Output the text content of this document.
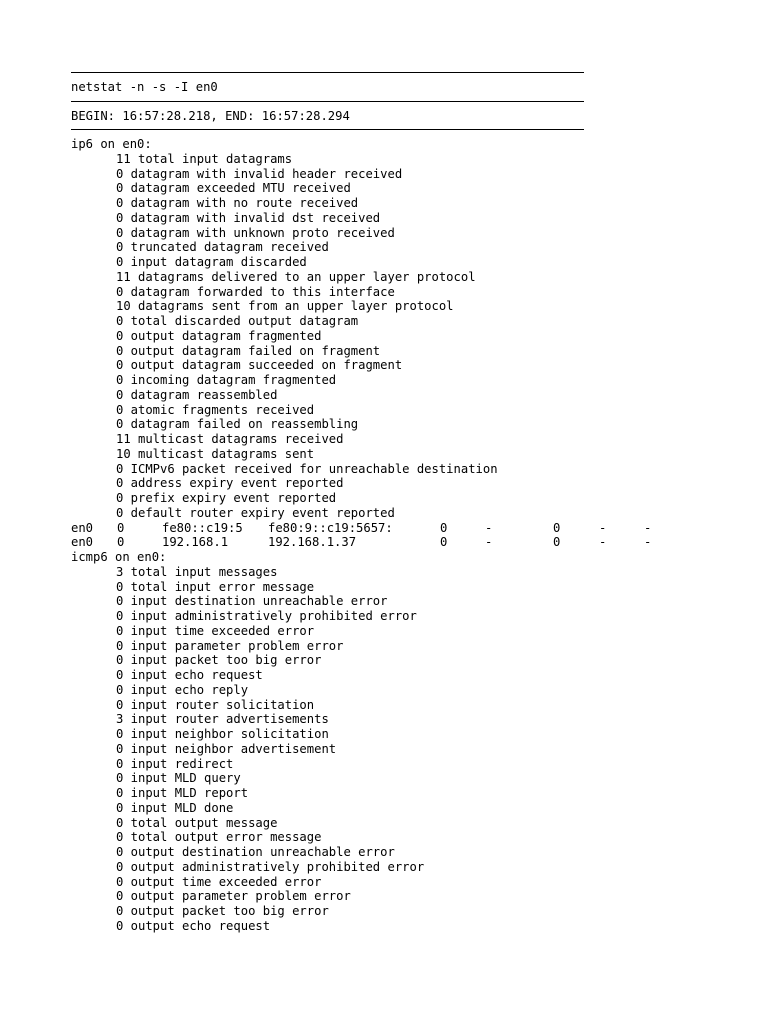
netstat -n -s -I en0
BEGIN: 16:57:28.218, END: 16:57:28.294
ip6 on en0:
11 total input datagrams
0 datagram with invalid header received
0 datagram exceeded MTU received
0 datagram with no route received
0 datagram with invalid dst received
0 datagram with unknown proto received
0 truncated datagram received
0 input datagram discarded
11 datagrams delivered to an upper layer protocol
0 datagram forwarded to this interface
10 datagrams sent from an upper layer protocol
0 total discarded output datagram
0 output datagram fragmented
0 output datagram failed on fragment
0 output datagram succeeded on fragment
0 incoming datagram fragmented
0 datagram reassembled
0 atomic fragments received
0 datagram failed on reassembling
11 multicast datagrams received
10 multicast datagrams sent
0 ICMPv6 packet received for unreachable destination
0 address expiry event reported
0 prefix expiry event reported
0 default router expiry event reported
en0 0	fe80::c19:5 fe80:9::c19:5657:	0	-	0	-	-
en0 0	192.168.1	192.168.1.37	0	-	0	-	-
icmp6 on en0:
3 total input messages
0 total input error message
0 input destination unreachable error
0 input administratively prohibited error
0 input time exceeded error
0 input parameter problem error
0 input packet too big error
0 input echo request
0 input echo reply
0 input router solicitation
3 input router advertisements
0 input neighbor solicitation
0 input neighbor advertisement
0 input redirect
0 input MLD query
0 input MLD report
0 input MLD done
0 total output message
0 total output error message
0 output destination unreachable error
0 output administratively prohibited error
0 output time exceeded error
0 output parameter problem error
0 output packet too big error
0 output echo request
